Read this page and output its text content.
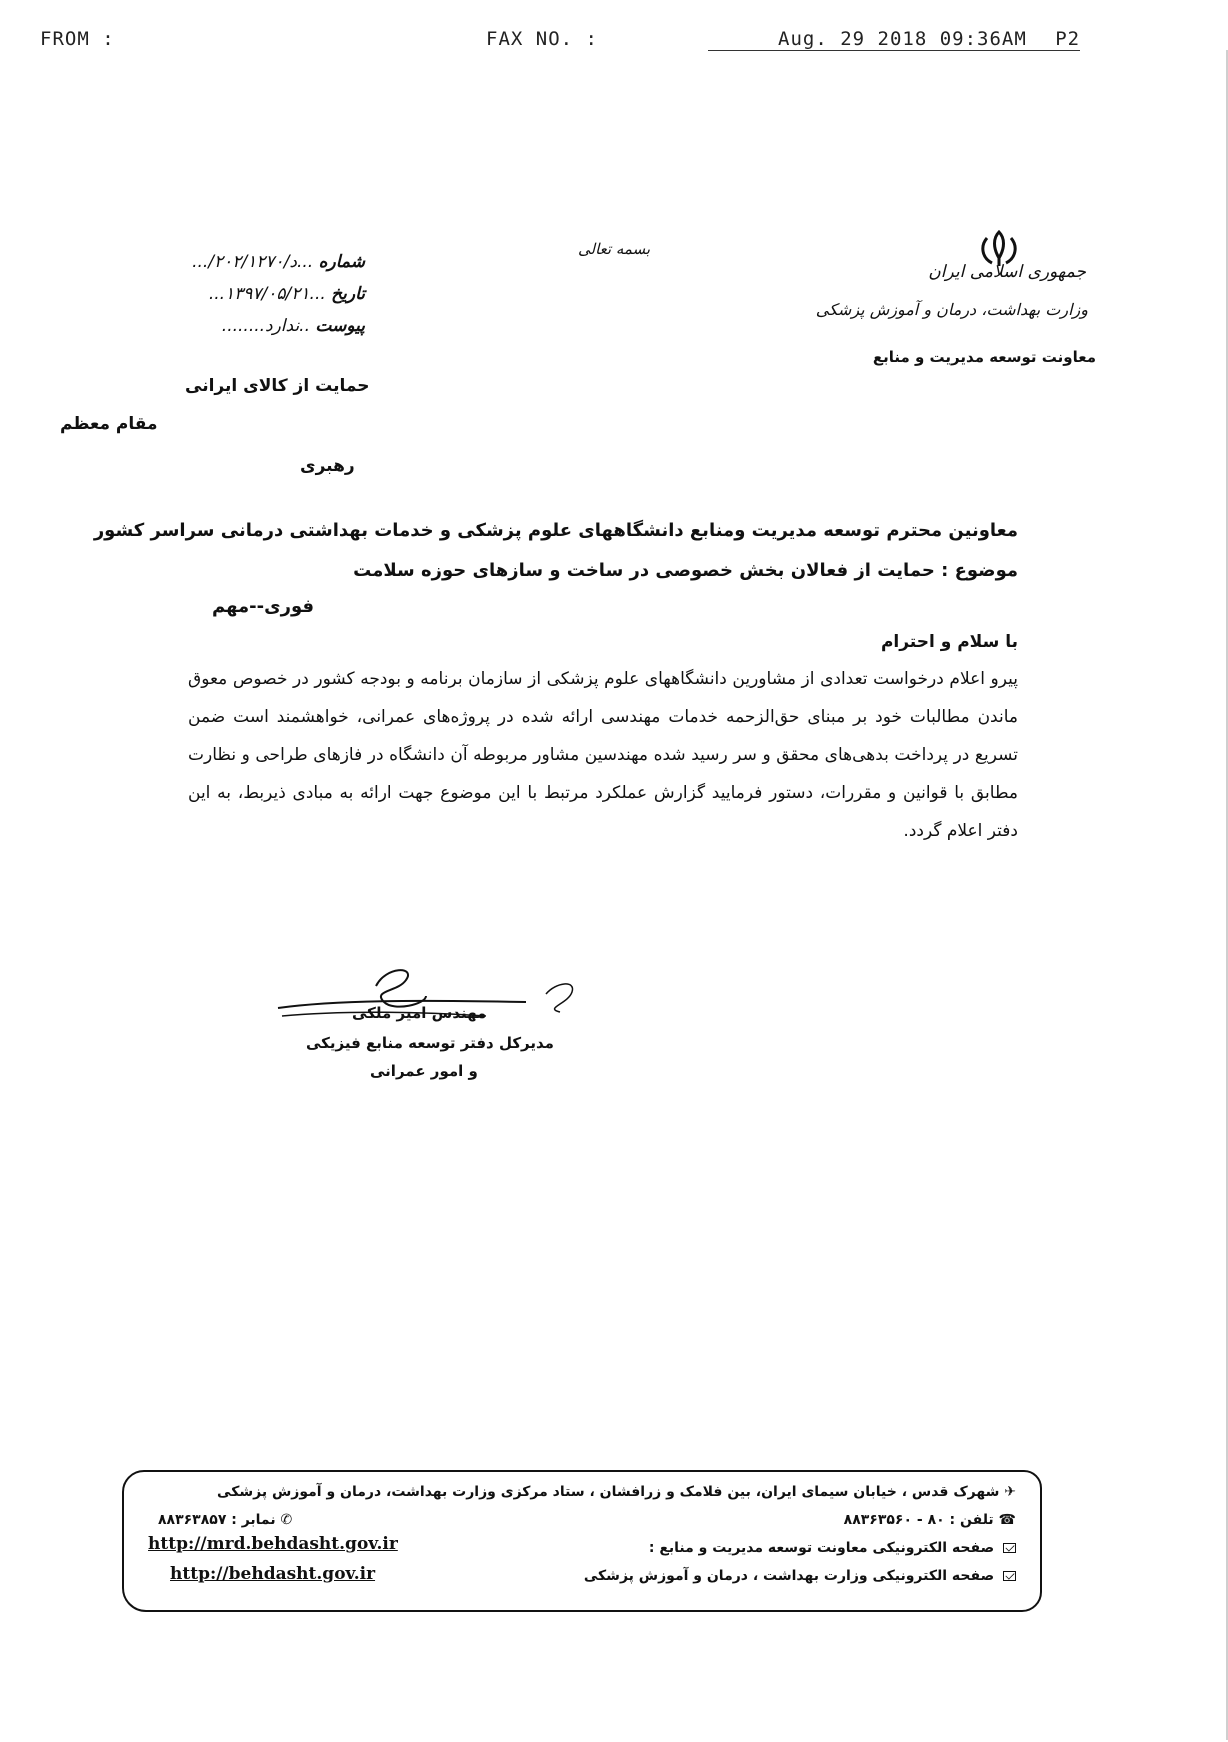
FROM :	FAX NO. :	Aug. 29 2018 09:36AM P2
جمهوری اسلامی ایران
وزارت بهداشت، درمان و آموزش پزشکی
معاونت توسعه مدیریت و منابع
بسمه تعالی
شماره ...د/۲۰۲/۱۲۷۰/...
تاریخ ...۱۳۹۷/۰۵/۲۱...
پیوست ..ندارد........
حمایت از کالای ایرانی
مقام معظم
رهبری
معاونین محترم توسعه مدیریت ومنابع دانشگاههای علوم پزشکی و خدمات بهداشتی درمانی سراسر کشور
موضوع : حمایت از فعالان بخش خصوصی در ساخت و سازهای حوزه سلامت
فوری--مهم
با سلام و احترام
پیرو اعلام درخواست تعدادی از مشاورین دانشگاههای علوم پزشکی از سازمان برنامه و بودجه کشور در خصوص معوق ماندن مطالبات خود بر مبنای حق‌الزحمه خدمات مهندسی ارائه شده در پروژه‌های عمرانی، خواهشمند است ضمن تسریع در پرداخت بدهی‌های محقق و سر رسید شده مهندسین مشاور مربوطه آن دانشگاه در فازهای طراحی و نظارت مطابق با قوانین و مقررات، دستور فرمایید گزارش عملکرد مرتبط با این موضوع جهت ارائه به مبادی ذیربط، به این دفتر اعلام گردد.
مهندس امیر ملکی
مدیرکل دفتر توسعه منابع فیزیکی
و امور عمرانی
✈ شهرک قدس ، خیابان سیمای ایران، بین فلامک و زرافشان ، ستاد مرکزی وزارت بهداشت، درمان و آموزش پزشکی
☎ تلفن : ۸۰ - ۸۸۳۶۳۵۶۰
✆ نمابر : ۸۸۳۶۳۸۵۷
صفحه الکترونیکی معاونت توسعه مدیریت و منابع :
http://mrd.behdasht.gov.ir
صفحه الکترونیکی وزارت بهداشت ، درمان و آموزش پزشکی
http://behdasht.gov.ir
